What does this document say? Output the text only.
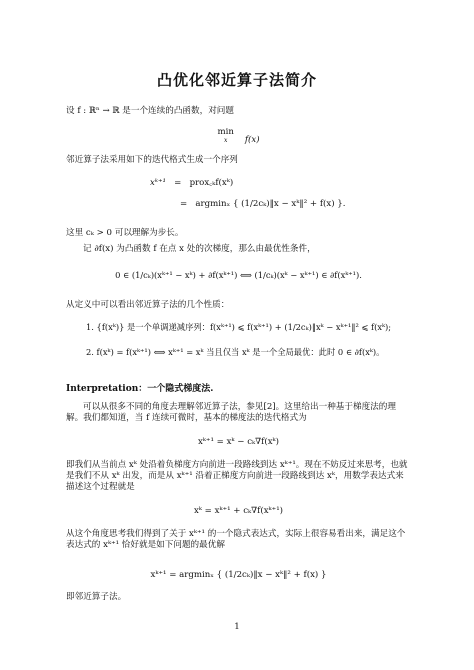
凸优化邻近算子法简介
设 f : ℝⁿ → ℝ 是一个连续的凸函数，对问题
min
x	f(x)
邻近算子法采用如下的迭代格式生成一个序列
xᵏ⁺¹ = prox꜀ₖf(xᵏ)
= argminₓ { (1/2cₖ)‖x − xᵏ‖² + f(x) }.
这里 cₖ > 0 可以理解为步长。
记 ∂f(x) 为凸函数 f 在点 x 处的次梯度，那么由最优性条件，
0 ∈ (1/cₖ)(xᵏ⁺¹ − xᵏ) + ∂f(xᵏ⁺¹) ⟺ (1/cₖ)(xᵏ − xᵏ⁺¹) ∈ ∂f(xᵏ⁺¹).
从定义中可以看出邻近算子法的几个性质：
1. {f(xᵏ)} 是一个单调递减序列：f(xᵏ⁺¹) ⩽ f(xᵏ⁺¹) + (1/2cₖ)‖xᵏ − xᵏ⁺¹‖² ⩽ f(xᵏ);
2. f(xᵏ) = f(xᵏ⁺¹) ⟺ xᵏ⁺¹ = xᵏ 当且仅当 xᵏ 是一个全局最优：此时 0 ∈ ∂f(xᵏ)。
Interpretation：一个隐式梯度法.
可以从很多不同的角度去理解邻近算子法，参见[2]。这里给出一种基于梯度法的理解。我们都知道，当 f 连续可微时，基本的梯度法的迭代格式为
xᵏ⁺¹ = xᵏ − cₖ∇f(xᵏ)
即我们从当前点 xᵏ 处沿着负梯度方向前进一段路线到达 xᵏ⁺¹。现在不妨反过来思考，也就是我们不从 xᵏ 出发，而是从 xᵏ⁺¹ 沿着正梯度方向前进一段路线到达 xᵏ，用数学表达式来描述这个过程就是
xᵏ = xᵏ⁺¹ + cₖ∇f(xᵏ⁺¹)
从这个角度思考我们得到了关于 xᵏ⁺¹ 的一个隐式表达式，实际上很容易看出来，满足这个表达式的 xᵏ⁺¹ 恰好就是如下问题的最优解
xᵏ⁺¹ = argminₓ { (1/2cₖ)‖x − xᵏ‖² + f(x) }
即邻近算子法。
1
